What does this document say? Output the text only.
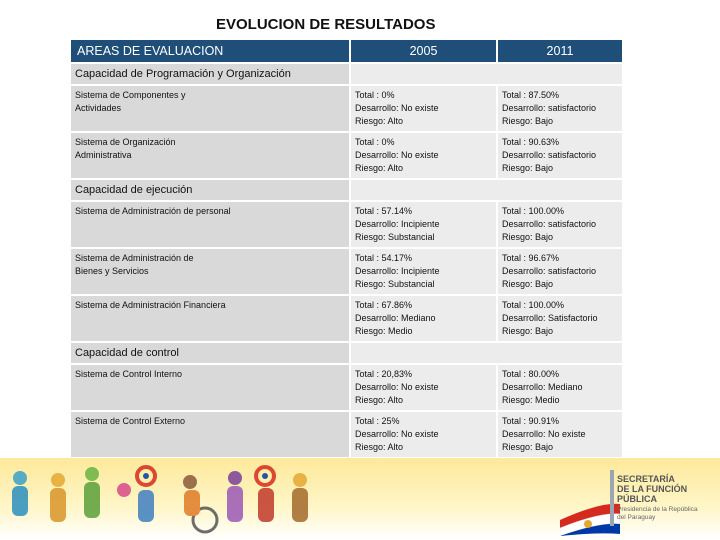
EVOLUCION DE RESULTADOS
AREAS DE EVALUACION	2005	2011
Capacidad de Programación y Organización		

Sistema de Componentes y
Actividades	Total : 0%
Desarrollo: No existe
Riesgo: Alto	Total : 87.50%
Desarrollo: satisfactorio
Riesgo: Bajo

Sistema de Organización
Administrativa	Total : 0%
Desarrollo: No existe
Riesgo: Alto	Total : 90.63%
Desarrollo: satisfactorio
Riesgo: Bajo

Capacidad de ejecución		

Sistema de Administración de personal	Total : 57.14%
Desarrollo: Incipiente
Riesgo: Substancial	Total : 100.00%
Desarrollo: satisfactorio
Riesgo: Bajo

Sistema de Administración de
Bienes y Servicios	Total : 54.17%
Desarrollo: Incipiente
Riesgo: Substancial	Total : 96.67%
Desarrollo: satisfactorio
Riesgo: Bajo

Sistema de Administración Financiera	Total : 67.86%
Desarrollo: Mediano
Riesgo: Medio	Total : 100.00%
Desarrollo: Satisfactorio
Riesgo: Bajo

Capacidad de control		

Sistema de Control Interno	Total : 20,83%
Desarrollo: No existe
Riesgo: Alto	Total : 80.00%
Desarrollo: Mediano
Riesgo: Medio

Sistema de Control Externo	Total : 25%
Desarrollo: No existe
Riesgo: Alto	Total : 90.91%
Desarrollo: No existe
Riesgo: Bajo
SECRETARÍA
DE LA FUNCIÓN
PÚBLICA
Presidencia de la República
del Paraguay
